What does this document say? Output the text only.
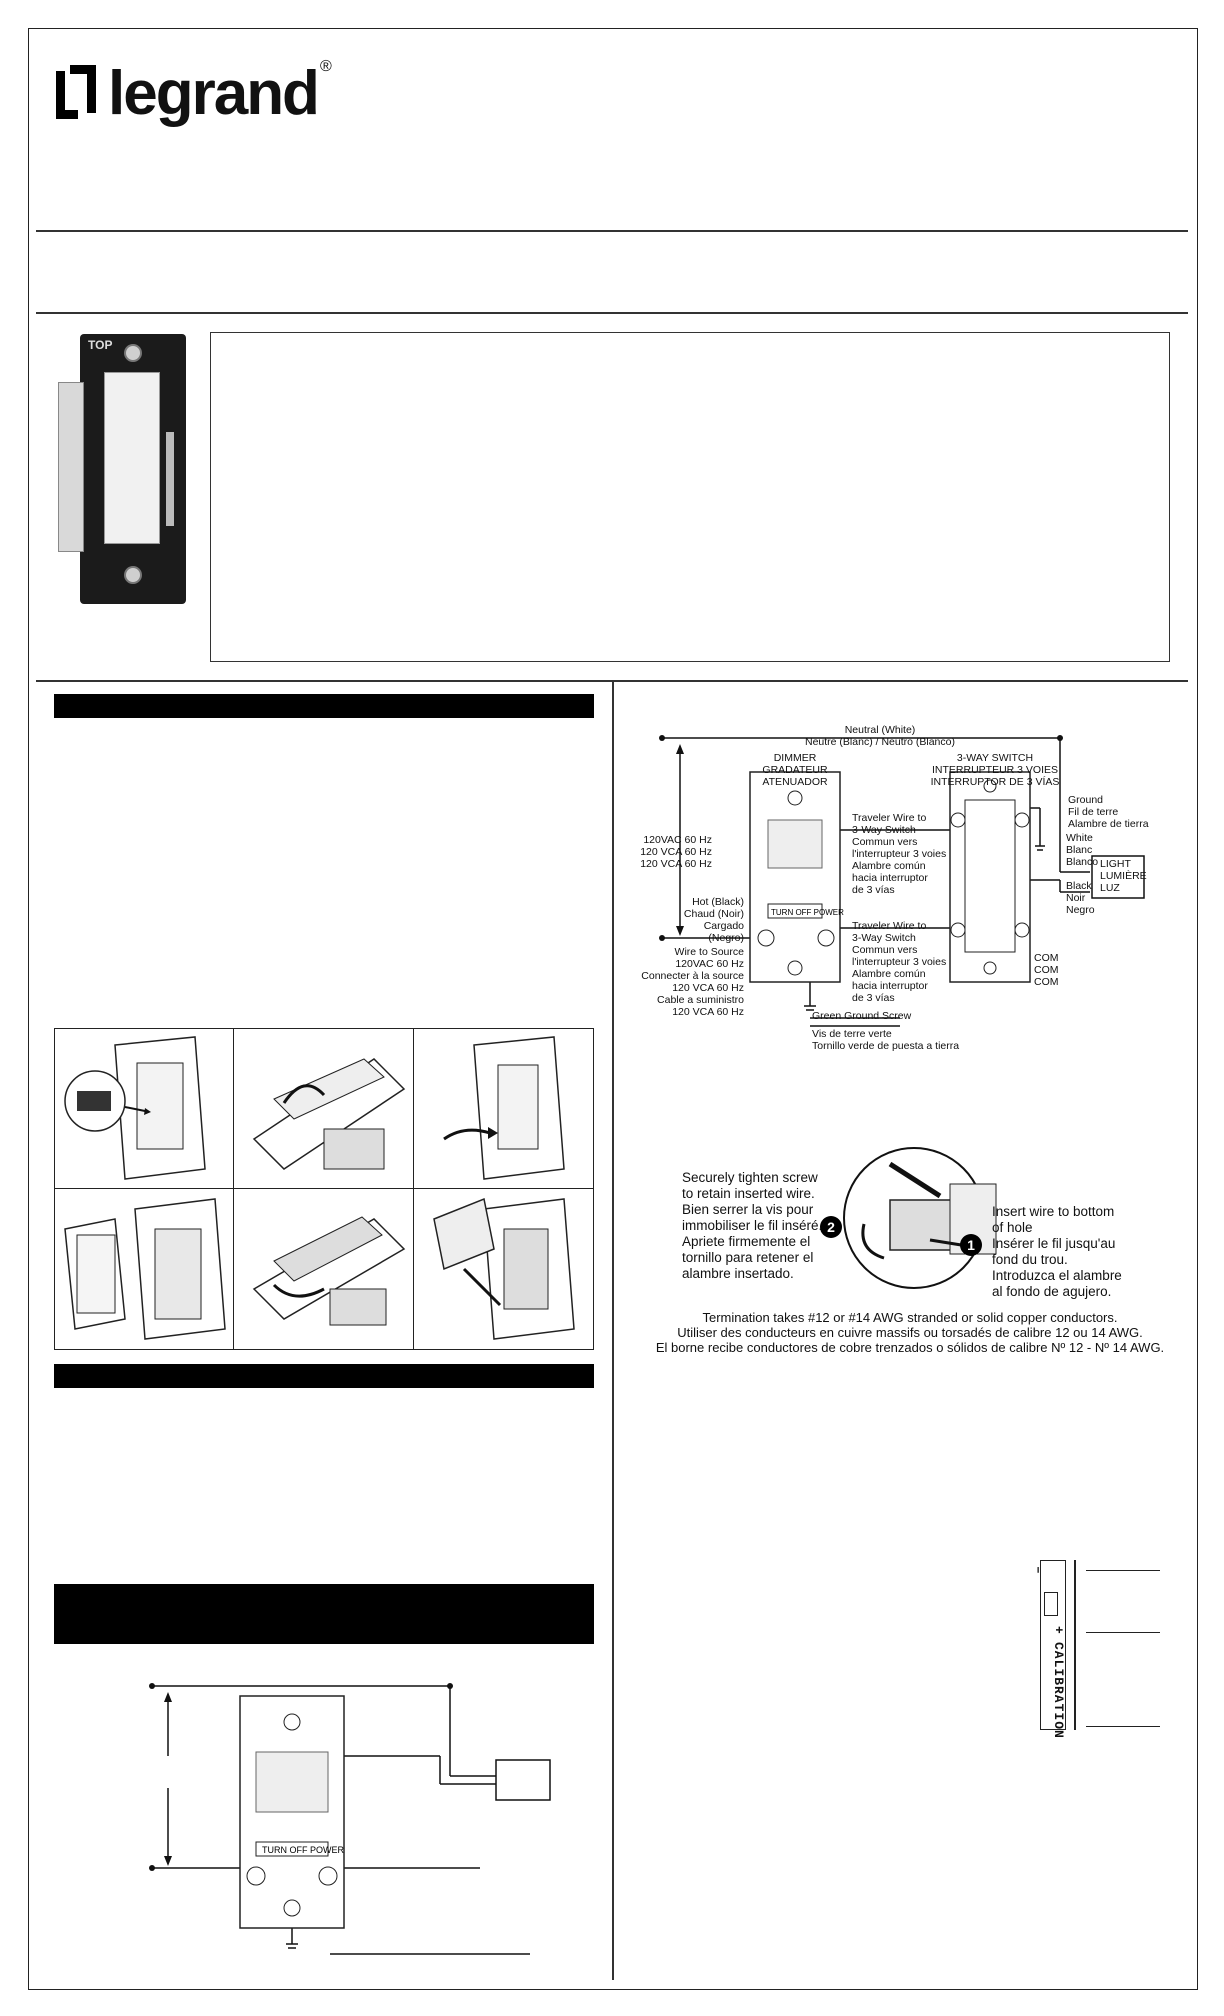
legrand ®
TOP
TURN OFF POWER
Neutral (White)
Neutre (Blanc) / Neutro (Blanco)
DIMMER
GRADATEUR
ATENUADOR
3-WAY SWITCH
INTERRUPTEUR 3 VOIES
INTERRUPTOR DE 3 VÍAS
120VAC 60 Hz
120 VCA 60 Hz
120 VCA 60 Hz
Hot (Black)
Chaud (Noir)
Cargado
(Negro)
Wire to Source
120VAC 60 Hz
Connecter à la source
120 VCA 60 Hz
Cable a suministro
120 VCA 60 Hz
Traveler Wire to
3-Way Switch
Commun vers
l'interrupteur 3 voies
Alambre común
hacia interruptor
de 3 vías
Traveler Wire to
3-Way Switch
Commun vers
l'interrupteur 3 voies
Alambre común
hacia interruptor
de 3 vías
Ground
Fil de terre
Alambre de tierra
White
Blanc
Blanco LIGHT
LUMIÈRE
LUZ
Black
Noir
Negro
COM
COM
COM
Green Ground Screw
Vis de terre verte
Tornillo verde de puesta a tierra
2
1
Securely tighten screw
to retain inserted wire.
Bien serrer la vis pour
immobiliser le fil inséré.
Apriete firmemente el
tornillo para retener el
alambre insertado.
Insert wire to bottom
of hole
Insérer le fil jusqu'au
fond du trou.
Introduzca el alambre
al fondo de agujero.
Termination takes #12 or #14 AWG stranded or solid copper conductors.
Utiliser des conducteurs en cuivre massifs ou torsadés de calibre 12 ou 14 AWG.
El borne recibe conductores de cobre trenzados o sólidos de calibre Nº 12 - Nº 14 AWG.
–
+
CALIBRATION
TURN OFF POWER
